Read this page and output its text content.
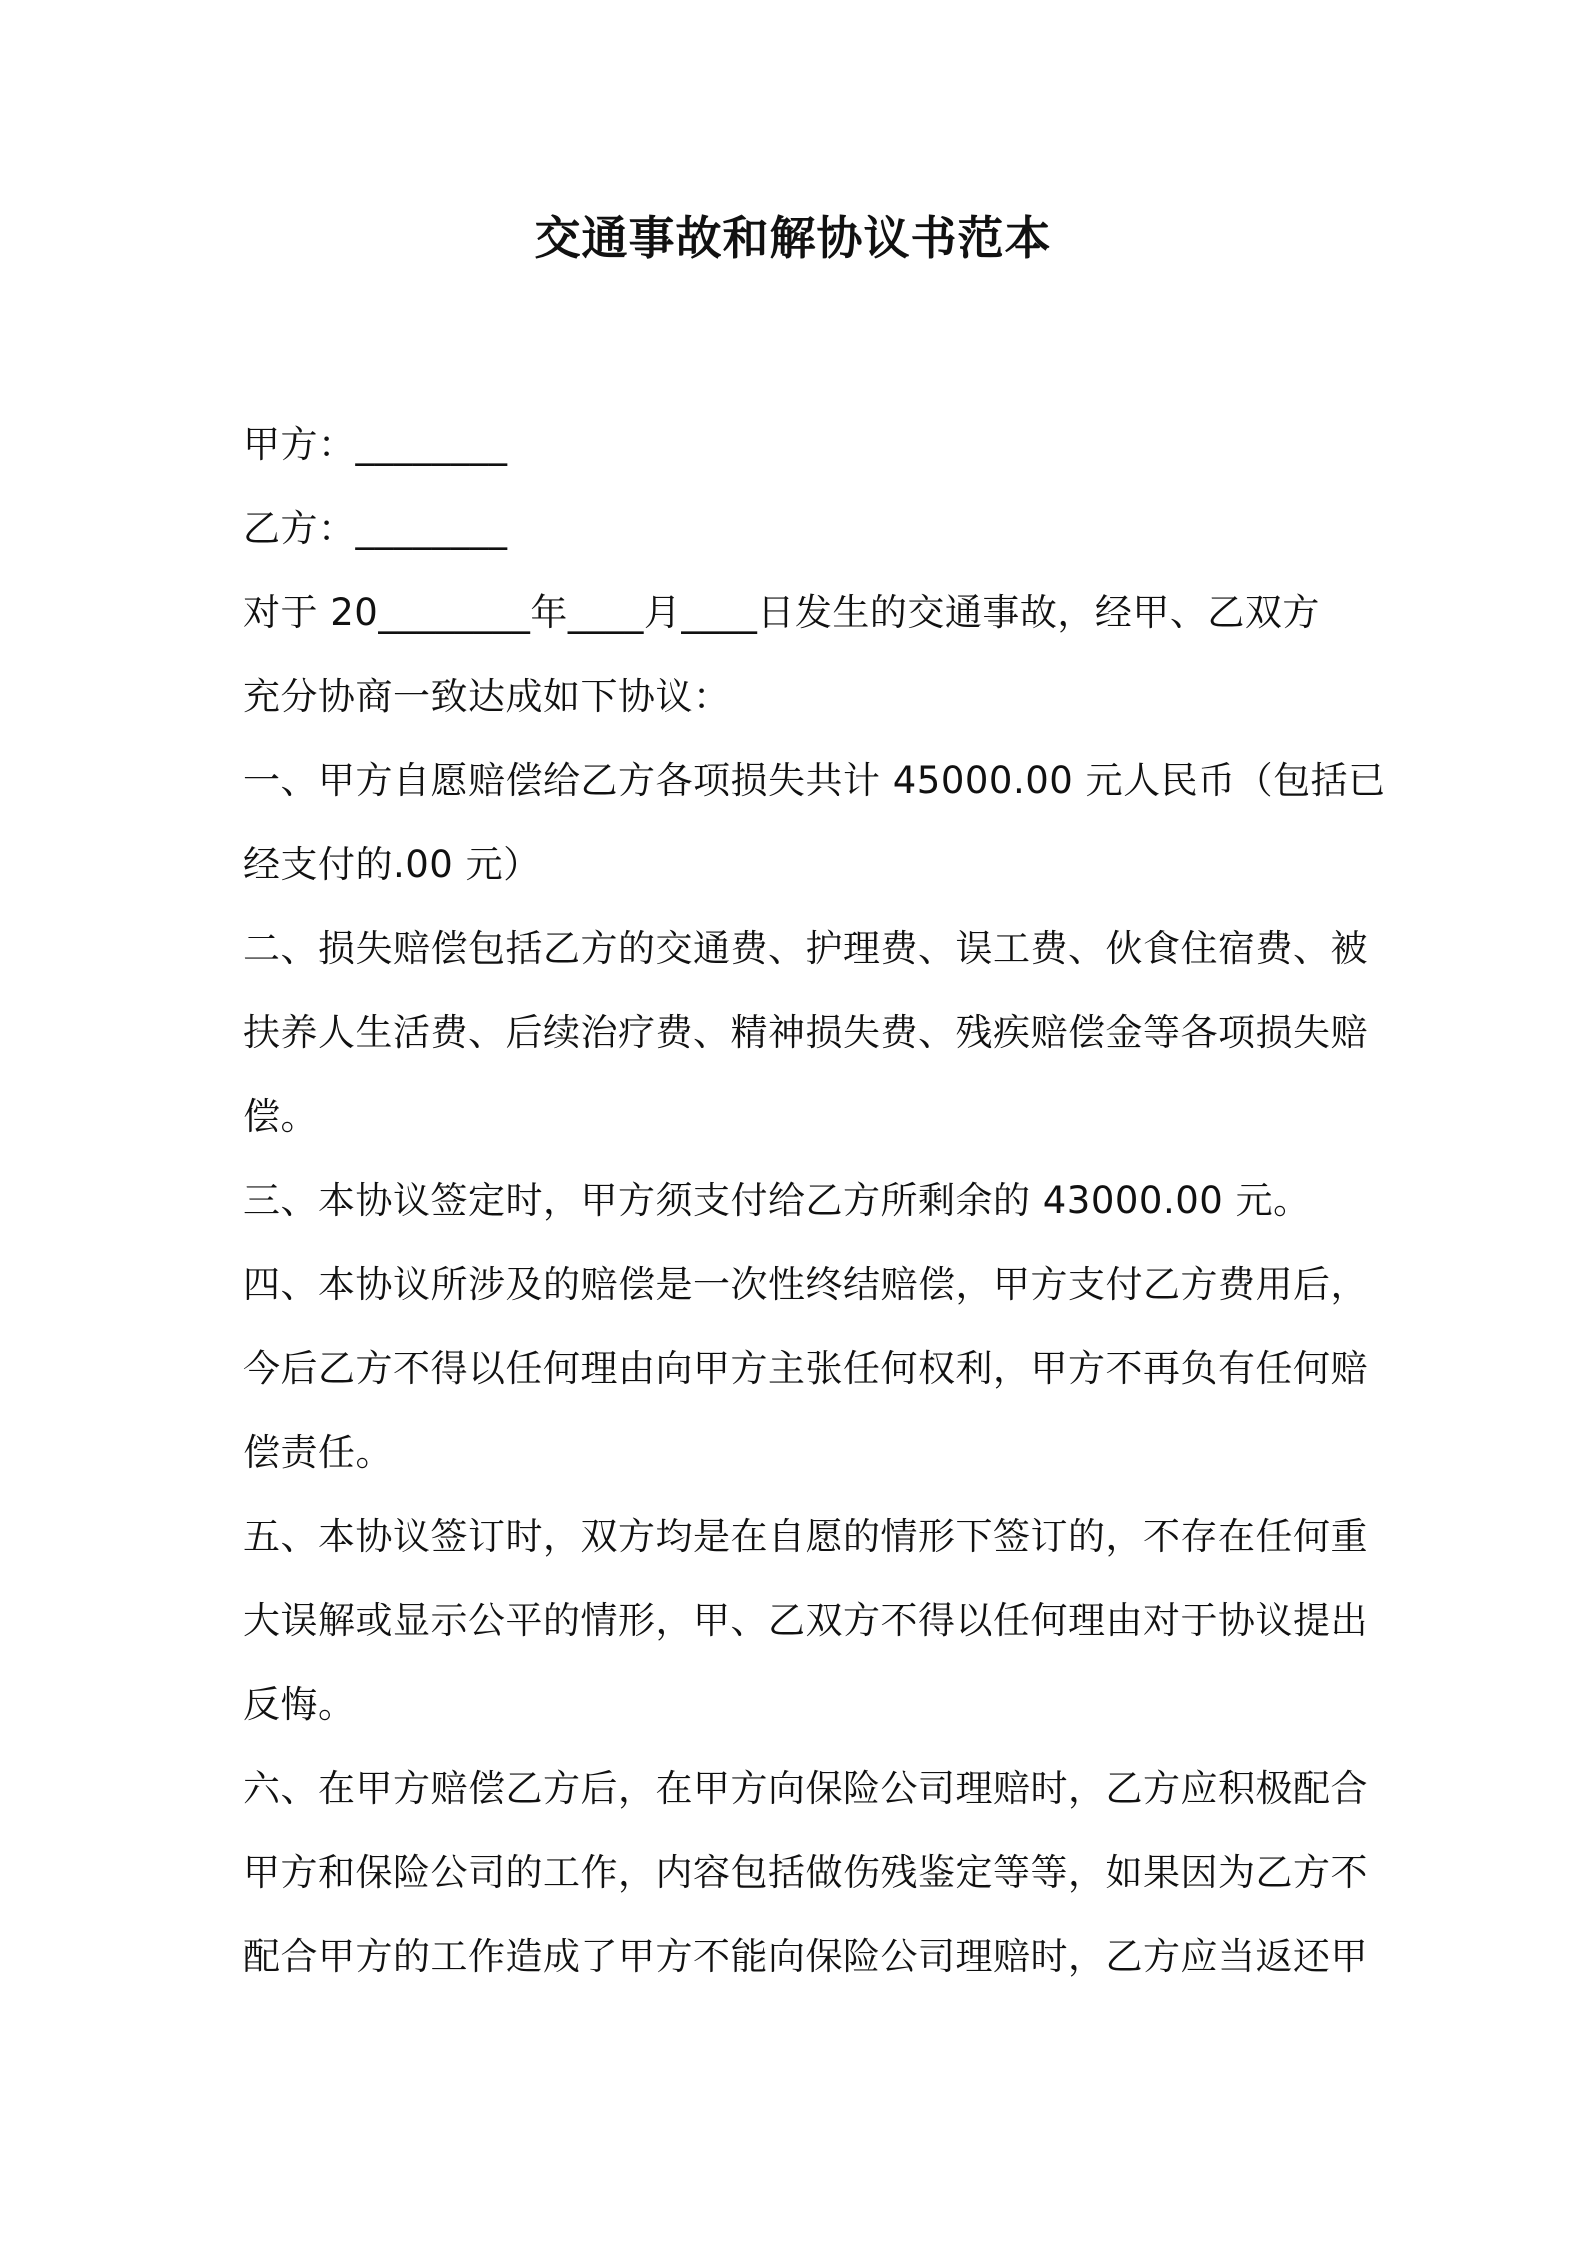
交通事故和解协议书范本
甲方：________
乙方：________
对于 20________年____月____日发生的交通事故，经甲、乙双方
充分协商一致达成如下协议：
一、甲方自愿赔偿给乙方各项损失共计 45000.00 元人民币（包括已
经支付的.00 元）
二、损失赔偿包括乙方的交通费、护理费、误工费、伙食住宿费、被
扶养人生活费、后续治疗费、精神损失费、残疾赔偿金等各项损失赔
偿。
三、本协议签定时，甲方须支付给乙方所剩余的 43000.00 元。
四、本协议所涉及的赔偿是一次性终结赔偿，甲方支付乙方费用后，
今后乙方不得以任何理由向甲方主张任何权利，甲方不再负有任何赔
偿责任。
五、本协议签订时，双方均是在自愿的情形下签订的，不存在任何重
大误解或显示公平的情形，甲、乙双方不得以任何理由对于协议提出
反悔。
六、在甲方赔偿乙方后，在甲方向保险公司理赔时，乙方应积极配合
甲方和保险公司的工作，内容包括做伤残鉴定等等，如果因为乙方不
配合甲方的工作造成了甲方不能向保险公司理赔时，乙方应当返还甲
